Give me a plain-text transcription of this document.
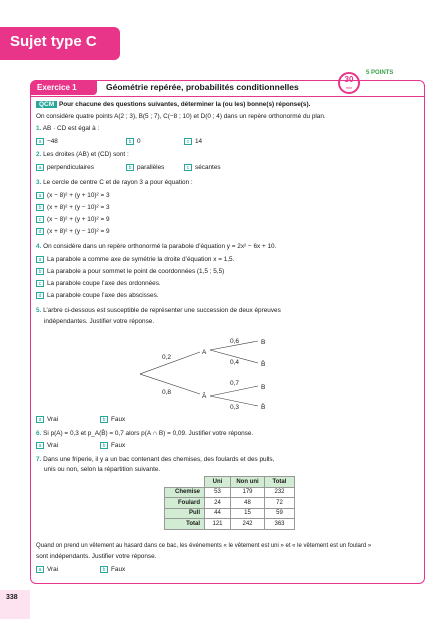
Sujet type C
30
min
5 POINTS
Exercice 1	Géométrie repérée, probabilités conditionnelles
QCM Pour chacune des questions suivantes, déterminer la (ou les) bonne(s) réponse(s).
On considère quatre points A(2 ; 3), B(5 ; 7), C(−8 ; 10) et D(0 ; 4) dans un repère orthonormé du plan.
1. AB · CD est égal à :
a −48	b 0	c 14
2. Les droites (AB) et (CD) sont :
a perpendiculaires	b parallèles	c sécantes
3. Le cercle de centre C et de rayon 3 a pour équation :
a (x − 8)² + (y + 10)² = 3
b (x + 8)² + (y − 10)² = 3
c (x − 8)² + (y + 10)² = 9
d (x + 8)² + (y − 10)² = 9
4. On considère dans un repère orthonormé la parabole d’équation y = 2x² − 6x + 10.
a La parabole a comme axe de symétrie la droite d’équation x = 1,5.
b La parabole a pour sommet le point de coordonnées (1,5 ; 5,5)
c La parabole coupe l’axe des ordonnées.
d La parabole coupe l’axe des abscisses.
5. L’arbre ci-dessous est susceptible de représenter une succession de deux épreuves
indépendantes. Justifier votre réponse.
A
Ā
B
B̄
B
B̄
0,2
0,8
0,6
0,4
0,7
0,3
a Vrai	b Faux
6. Si p(A) = 0,3 et p_A(B̄) = 0,7 alors p(A ∩ B) = 0,09. Justifier votre réponse.
a Vrai	b Faux
7. Dans une friperie, il y a un bac contenant des chemises, des foulards et des pulls,
unis ou non, selon la répartition suivante.
	Uni	Non uni	Total
Chemise	53	179	232
Foulard	24	48	72
Pull	44	15	59
Total	121	242	363
Quand on prend un vêtement au hasard dans ce bac, les événements « le vêtement est uni » et « le vêtement est un foulard »
sont indépendants. Justifier votre réponse.
a Vrai	b Faux
338
